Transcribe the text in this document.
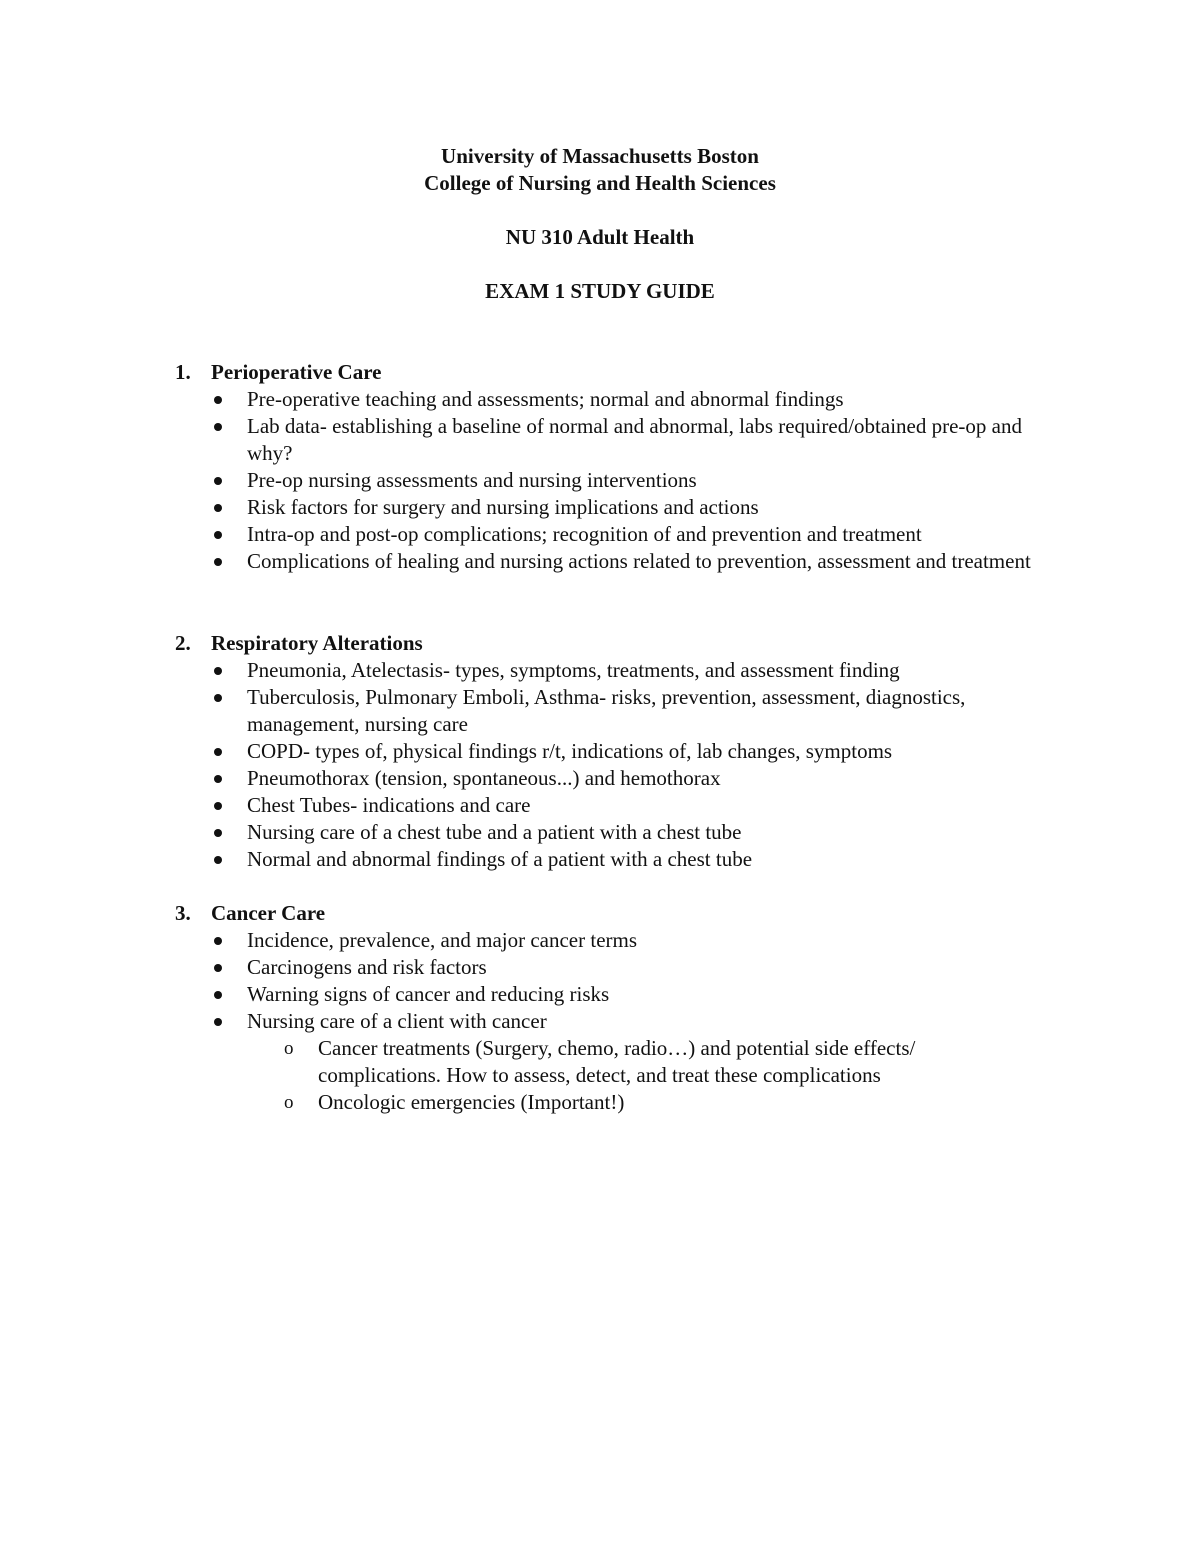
University of Massachusetts Boston
College of Nursing and Health Sciences
NU 310 Adult Health
EXAM 1 STUDY GUIDE
1. Perioperative Care
Pre-operative teaching and assessments; normal and abnormal findings
Lab data- establishing a baseline of normal and abnormal, labs required/obtained pre-op and why?
Pre-op nursing assessments and nursing interventions
Risk factors for surgery and nursing implications and actions
Intra-op and post-op complications; recognition of and prevention and treatment
Complications of healing and nursing actions related to prevention, assessment and treatment
2. Respiratory Alterations
Pneumonia, Atelectasis- types, symptoms, treatments, and assessment finding
Tuberculosis, Pulmonary Emboli, Asthma- risks, prevention, assessment, diagnostics, management, nursing care
COPD- types of, physical findings r/t, indications of, lab changes, symptoms
Pneumothorax (tension, spontaneous...) and hemothorax
Chest Tubes- indications and care
Nursing care of a chest tube and a patient with a chest tube
Normal and abnormal findings of a patient with a chest tube
3. Cancer Care
Incidence, prevalence, and major cancer terms
Carcinogens and risk factors
Warning signs of cancer and reducing risks
Nursing care of a client with cancer
o Cancer treatments (Surgery, chemo, radio…) and potential side effects/ complications. How to assess, detect, and treat these complications
o Oncologic emergencies (Important!)
